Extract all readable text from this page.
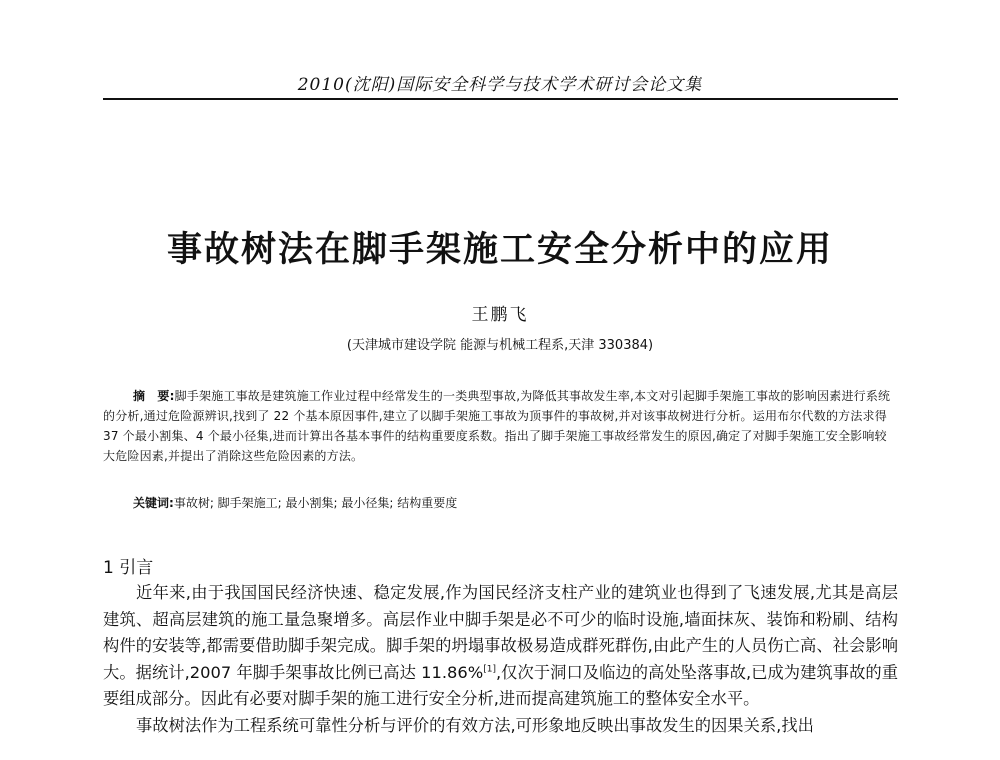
2010(沈阳)国际安全科学与技术学术研讨会论文集
事故树法在脚手架施工安全分析中的应用
王鹏飞
(天津城市建设学院 能源与机械工程系,天津 330384)

摘　要:脚手架施工事故是建筑施工作业过程中经常发生的一类典型事故,为降低其事故发生率,本文对引起脚手架施工事故的影响因素进行系统的分析,通过危险源辨识,找到了 22 个基本原因事件,建立了以脚手架施工事故为顶事件的事故树,并对该事故树进行分析。运用布尔代数的方法求得 37 个最小割集、4 个最小径集,进而计算出各基本事件的结构重要度系数。指出了脚手架施工事故经常发生的原因,确定了对脚手架施工安全影响较大危险因素,并提出了消除这些危险因素的方法。

关键词:事故树; 脚手架施工; 最小割集; 最小径集; 结构重要度
1 引言

近年来,由于我国国民经济快速、稳定发展,作为国民经济支柱产业的建筑业也得到了飞速发展,尤其是高层建筑、超高层建筑的施工量急聚增多。高层作业中脚手架是必不可少的临时设施,墙面抹灰、装饰和粉刷、结构构件的安装等,都需要借助脚手架完成。脚手架的坍塌事故极易造成群死群伤,由此产生的人员伤亡高、社会影响大。据统计,2007 年脚手架事故比例已高达 11.86%[1],仅次于洞口及临边的高处坠落事故,已成为建筑事故的重要组成部分。因此有必要对脚手架的施工进行安全分析,进而提高建筑施工的整体安全水平。

事故树法作为工程系统可靠性分析与评价的有效方法,可形象地反映出事故发生的因果关系,找出
